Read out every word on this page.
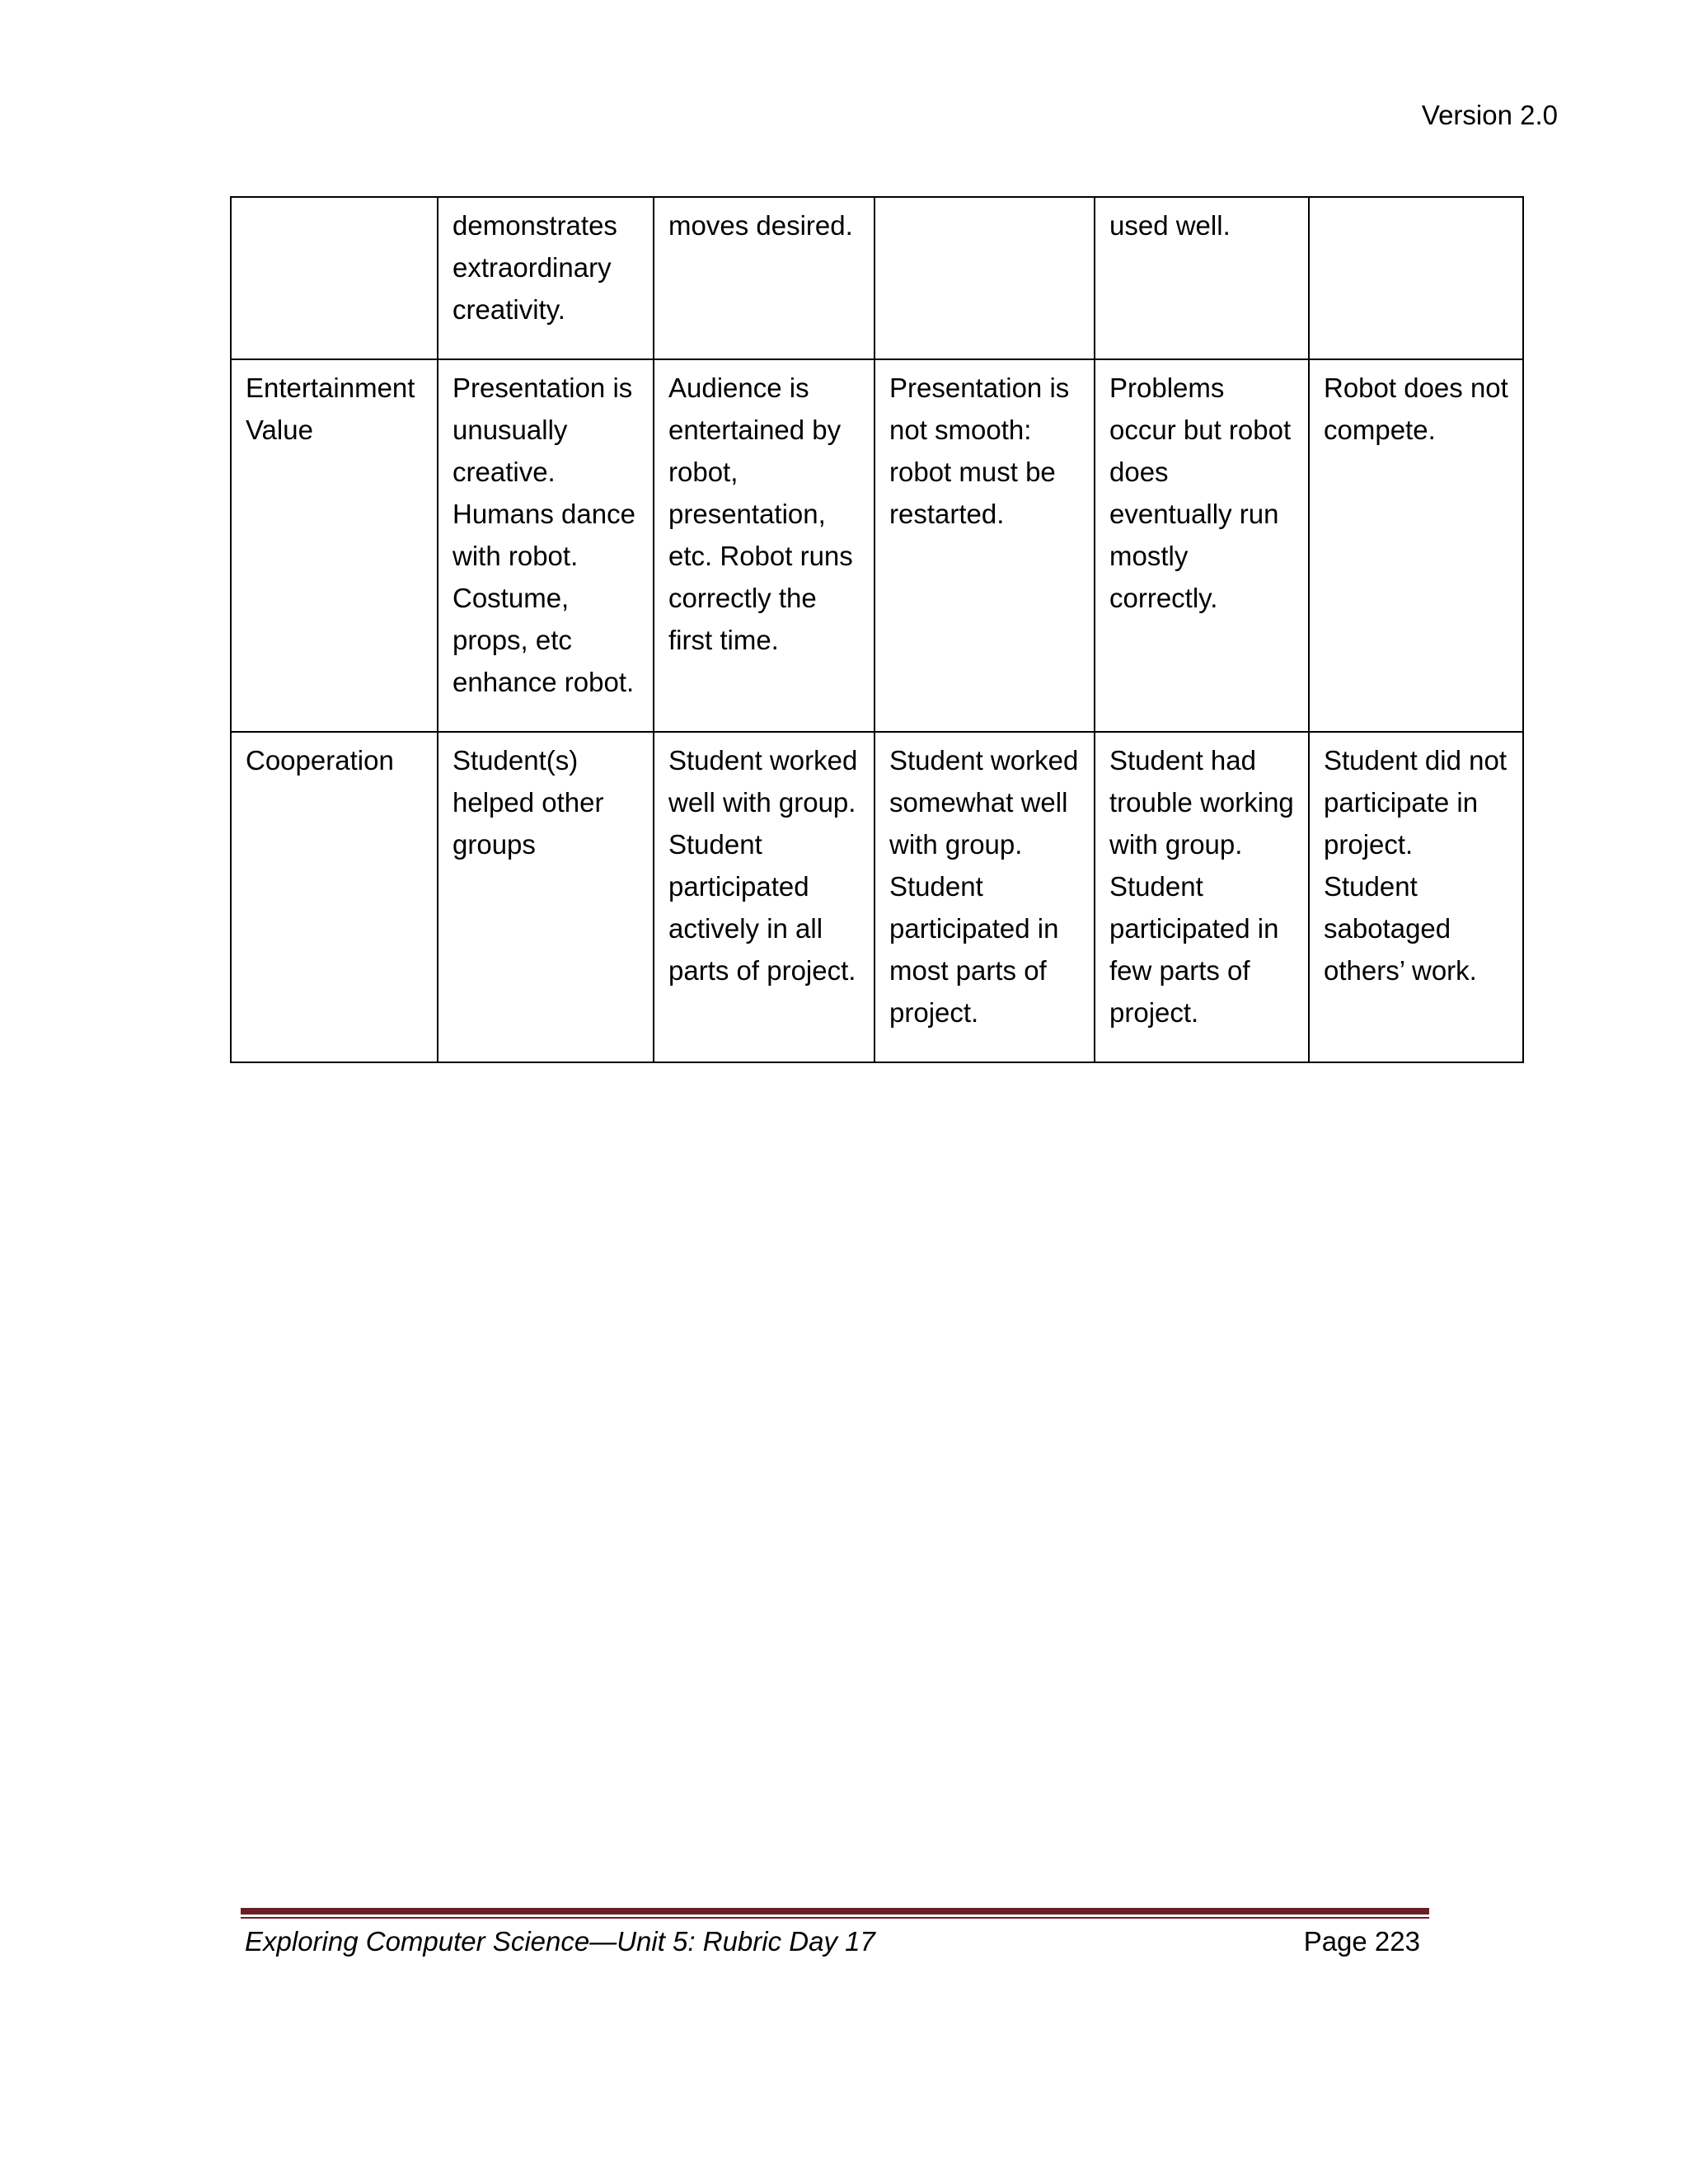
Version 2.0
	demonstrates extraordinary creativity.	moves desired.		used well.	
Entertainment Value	Presentation is unusually creative. Humans dance with robot. Costume, props, etc enhance robot.	Audience is entertained by robot, presentation, etc. Robot runs correctly the first time.	Presentation is not smooth: robot must be restarted.	Problems occur but robot does eventually run mostly correctly.	Robot does not compete.
Cooperation	Student(s) helped other groups	Student worked well with group. Student participated actively in all parts of project.	Student worked somewhat well with group. Student participated in most parts of project.	Student had trouble working with group. Student participated in few parts of project.	Student did not participate in project. Student sabotaged others’ work.
Exploring Computer Science—Unit 5: Rubric Day 17	Page 223
